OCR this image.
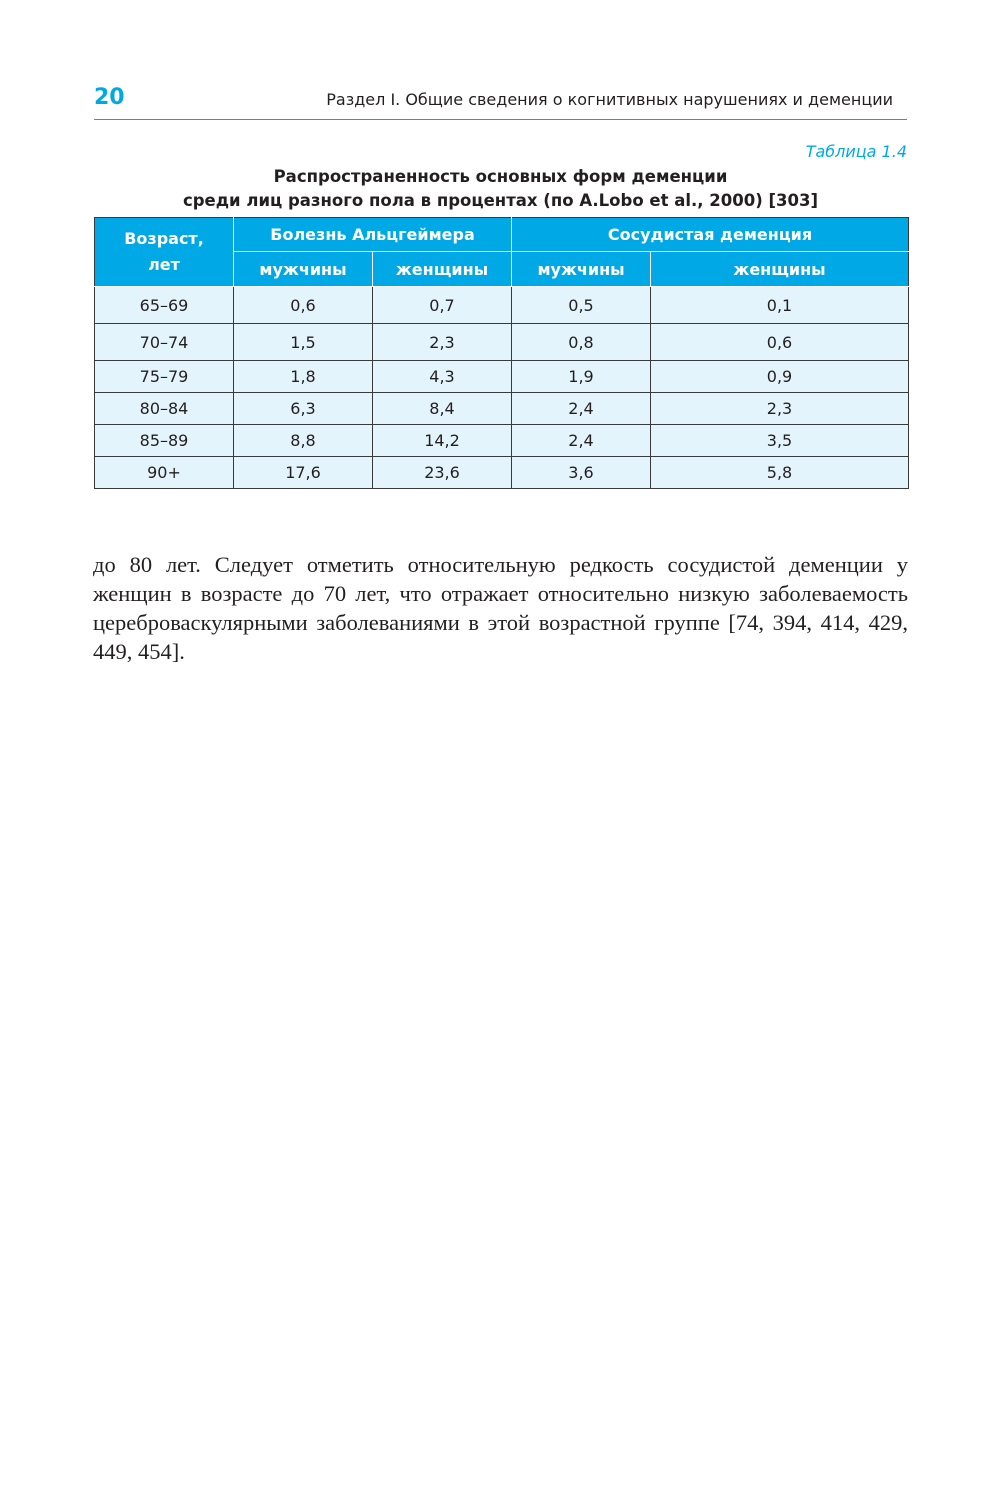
20	Раздел I. Общие сведения о когнитивных нарушениях и деменции
Таблица 1.4
Распространенность основных форм деменции
среди лиц разного пола в процентах (по A.Lobo et al., 2000) [303]
Возраст,
лет	Болезнь Альцгеймера		Сосудистая деменция	
	мужчины	женщины	мужчины	женщины
65–69	0,6	0,7	0,5	0,1
70–74	1,5	2,3	0,8	0,6
75–79	1,8	4,3	1,9	0,9
80–84	6,3	8,4	2,4	2,3
85–89	8,8	14,2	2,4	3,5
90+	17,6	23,6	3,6	5,8

до 80 лет. Следует отметить относительную редкость сосудистой деменции у женщин в возрасте до 70 лет, что отражает относительно низкую заболеваемость цереброваскулярными заболеваниями в этой возрастной группе [74, 394, 414, 429, 449, 454].
